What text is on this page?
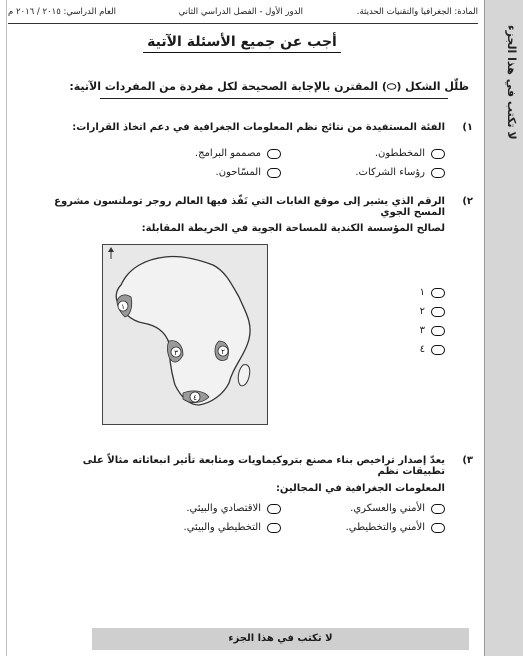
لا تكتب في هذا الجزء
المادة: الجغرافيا والتقنيات الحديثة.
الدور الأول - الفصل الدراسي الثاني
العام الدراسي: ٢٠١٥ / ٢٠١٦ م
أجب عن جميع الأسئلة الآتية
ظلّل الشكل (⬭) المقترن بالإجابة الصحيحة لكل مفردة من المفردات الآتية:
١)
الفئة المستفيدة من نتائج نظم المعلومات الجغرافية في دعم اتخاذ القرارات:
المخططون.
مصممو البرامج.
رؤساء الشركات.
المسّاحون.
٢)
الرقم الذي يشير إلى موقع الغابات التي نَفّذ فيها العالم روجر توملنسون مشروع المسح الجوي
لصالح المؤسسة الكندية للمساحة الجوية في الخريطة المقابلة:
١
٢
٣
٤
١
٢
٣
٤
٣)
يعدّ إصدار تراخيص بناء مصنع بتروكيماويات ومتابعة تأثير انبعاثاته مثالاً على تطبيقات نظم
المعلومات الجغرافية في المجالين:
الأمني والعسكري.
الاقتصادي والبيئي.
الأمني والتخطيطي.
التخطيطي والبيئي.
لا تكتب في هذا الجزء
